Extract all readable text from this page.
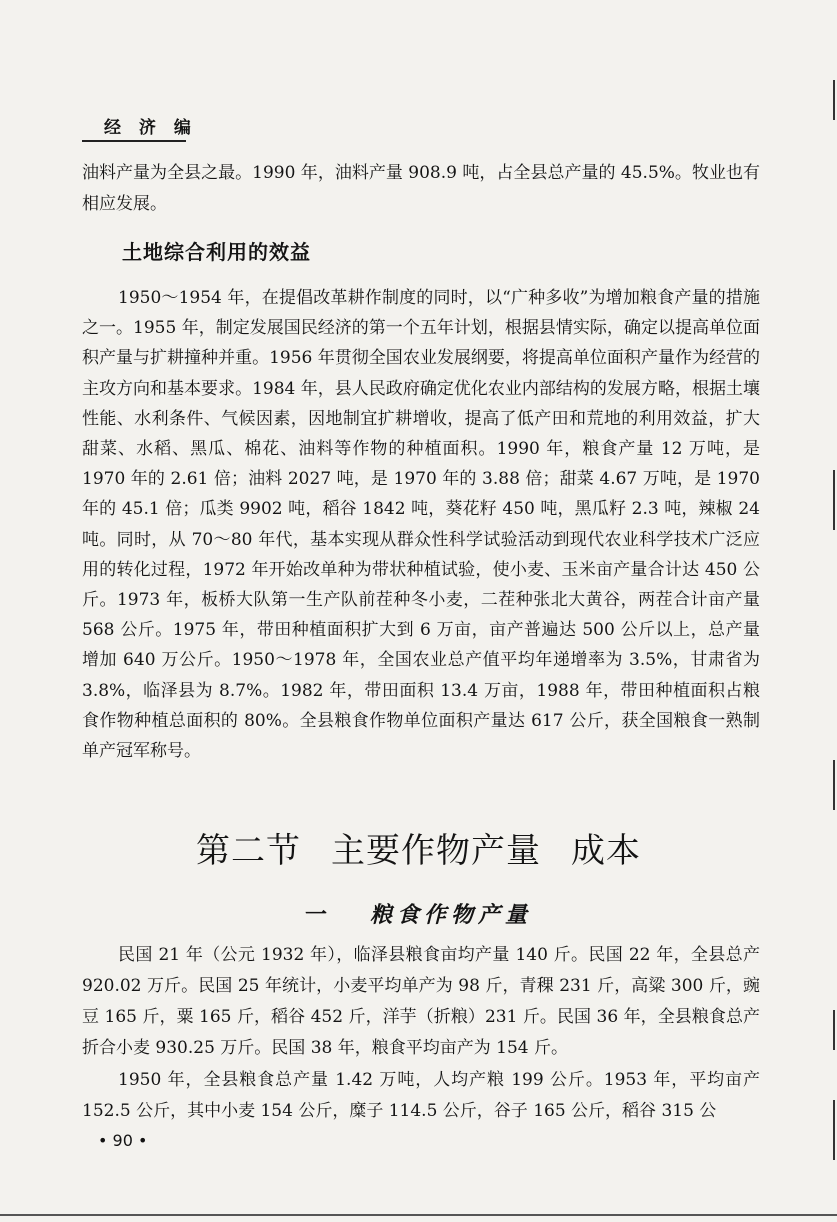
经 济 编

油料产量为全县之最。1990 年，油料产量 908.9 吨，占全县总产量的 45.5%。牧业也有相应发展。

土地综合利用的效益

1950～1954 年，在提倡改革耕作制度的同时，以“广种多收”为增加粮食产量的措施之一。1955 年，制定发展国民经济的第一个五年计划，根据县情实际，确定以提高单位面积产量与扩耕撞种并重。1956 年贯彻全国农业发展纲要，将提高单位面积产量作为经营的主攻方向和基本要求。1984 年，县人民政府确定优化农业内部结构的发展方略，根据土壤性能、水利条件、气候因素，因地制宜扩耕增收，提高了低产田和荒地的利用效益，扩大甜菜、水稻、黑瓜、棉花、油料等作物的种植面积。1990 年，粮食产量 12 万吨，是 1970 年的 2.61 倍；油料 2027 吨，是 1970 年的 3.88 倍；甜菜 4.67 万吨，是 1970 年的 45.1 倍；瓜类 9902 吨，稻谷 1842 吨，葵花籽 450 吨，黑瓜籽 2.3 吨，辣椒 24 吨。同时，从 70～80 年代，基本实现从群众性科学试验活动到现代农业科学技术广泛应用的转化过程，1972 年开始改单种为带状种植试验，使小麦、玉米亩产量合计达 450 公斤。1973 年，板桥大队第一生产队前茬种冬小麦，二茬种张北大黄谷，两茬合计亩产量 568 公斤。1975 年，带田种植面积扩大到 6 万亩，亩产普遍达 500 公斤以上，总产量增加 640 万公斤。1950～1978 年，全国农业总产值平均年递增率为 3.5%，甘肃省为 3.8%，临泽县为 8.7%。1982 年，带田面积 13.4 万亩，1988 年，带田种植面积占粮食作物种植总面积的 80%。全县粮食作物单位面积产量达 617 公斤，获全国粮食一熟制单产冠军称号。

第二节 主要作物产量 成本
一 粮食作物产量

民国 21 年（公元 1932 年），临泽县粮食亩均产量 140 斤。民国 22 年，全县总产 920.02 万斤。民国 25 年统计，小麦平均单产为 98 斤，青稞 231 斤，高粱 300 斤，豌豆 165 斤，粟 165 斤，稻谷 452 斤，洋芋（折粮）231 斤。民国 36 年，全县粮食总产折合小麦 930.25 万斤。民国 38 年，粮食平均亩产为 154 斤。

1950 年，全县粮食总产量 1.42 万吨，人均产粮 199 公斤。1953 年，平均亩产 152.5 公斤，其中小麦 154 公斤，糜子 114.5 公斤，谷子 165 公斤，稻谷 315 公

• 90 •
